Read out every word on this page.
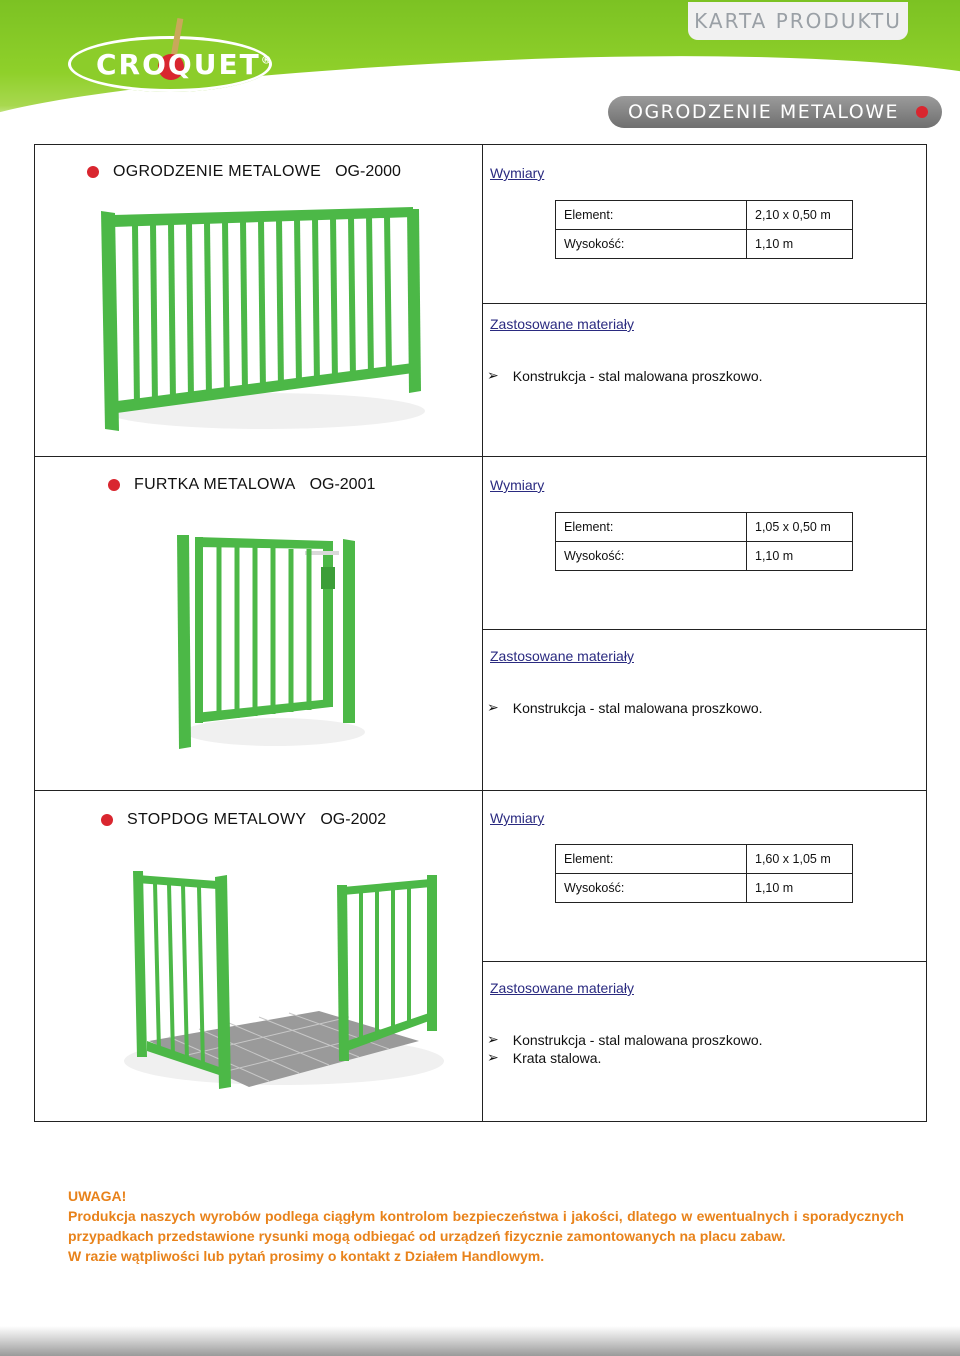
CROQUET®
KARTA PRODUKTU
OGRODZENIE METALOWE
OGRODZENIE METALOWE OG-2000	Wymiary
Element:	2,10 x 0,50 m
Wysokość:	1,10 m
Zastosowane materiały
➢ Konstrukcja - stal malowana proszkowo.
FURTKA METALOWA OG-2001	Wymiary
Element:	1,05 x 0,50 m
Wysokość:	1,10 m
Zastosowane materiały
➢ Konstrukcja - stal malowana proszkowo.
STOPDOG METALOWY OG-2002	Wymiary
Element:	1,60 x 1,05 m
Wysokość:	1,10 m
Zastosowane materiały
➢ Konstrukcja - stal malowana proszkowo.
➢ Krata stalowa.

UWAGA!

Produkcja naszych wyrobów podlega ciągłym kontrolom bezpieczeństwa i jakości, dlatego w ewentualnych i sporadycznych przypadkach przedstawione rysunki mogą odbiegać od urządzeń fizycznie zamontowanych na placu zabaw.

W razie wątpliwości lub pytań prosimy o kontakt z Działem Handlowym.
